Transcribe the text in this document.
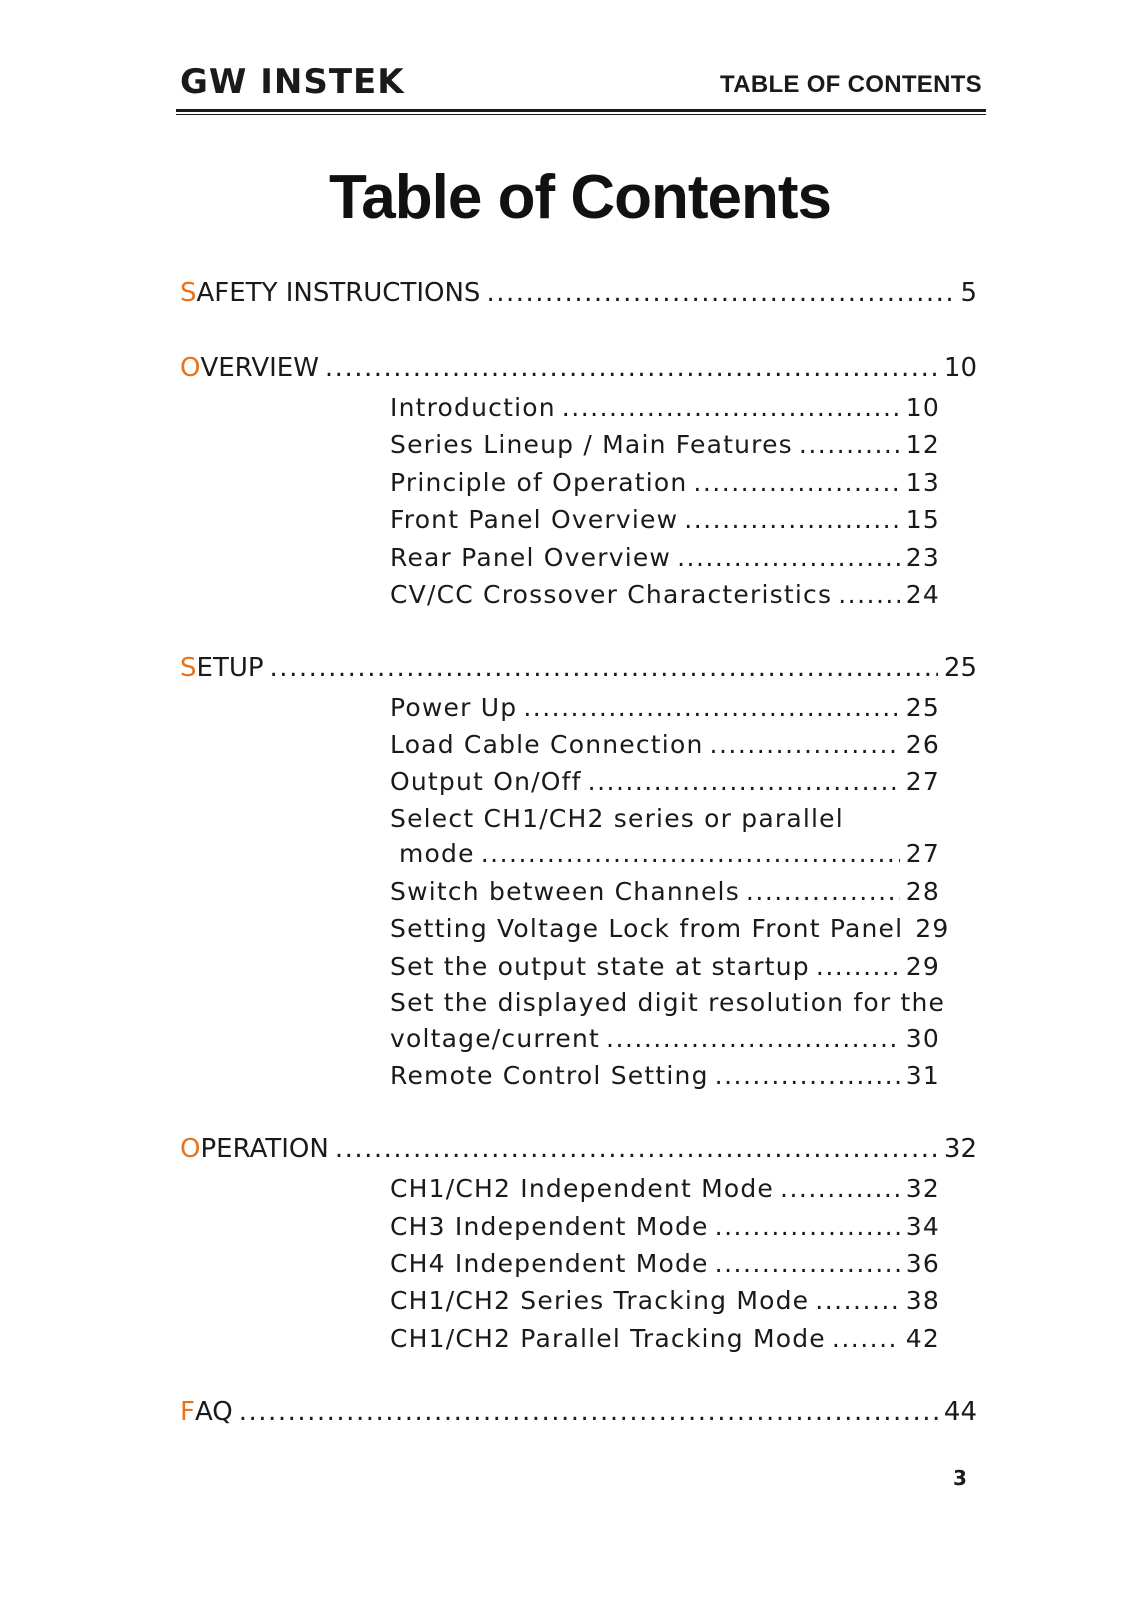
GW INSTEK	TABLE OF CONTENTS
Table of Contents
S AFETY INSTRUCTIONS .....	5
O VERVIEW .....	10
Introduction .....	10
Series Lineup / Main Features .....	12
Principle of Operation .....	13
Front Panel Overview .....	15
Rear Panel Overview .....	23
CV/CC Crossover Characteristics .....	24
S ETUP .....	25
Power Up .....	25
Load Cable Connection .....	26
Output On/Off .....	27
Select CH1/CH2 series or parallel
mode .....	27
Switch between Channels .....	28
Setting Voltage Lock from Front Panel 29
Set the output state at startup .....	29
Set the displayed digit resolution for the
voltage/current .....	30
Remote Control Setting .....	31
O PERATION .....	32
CH1/CH2 Independent Mode .....	32
CH3 Independent Mode .....	34
CH4 Independent Mode .....	36
CH1/CH2 Series Tracking Mode .....	38
CH1/CH2 Parallel Tracking Mode .....	42
F AQ .....	44
3
